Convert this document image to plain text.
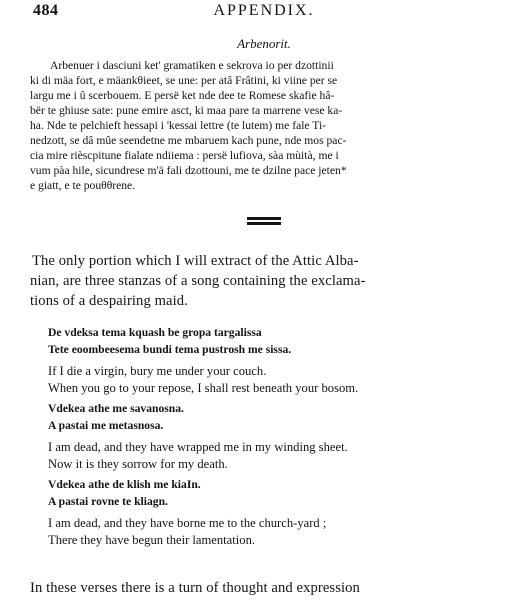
484	APPENDIX.
Arbenorit.
Arbenuer i dasciuni ket' gramatiken e sekrova io per dzottinii
ki di mäa fort, e mäankθieet, se une: per atâ Frâtini, ki viine per se
largu me i û scerbouem. E persë ket nde dee te Romese skafie hâ-
bër te ghiuse sate: pune emire asct, ki maa pare ta marrene vese ka-
ha. Nde te pelchieft hessapi i 'kessai lettre (te lutem) me fale Ti-
nedzott, se dâ mûe seendetne me mbaruem kach pune, nde mos pac-
cia mire rièscpitune fialate ndiiema : persë lufiova, sàa mùità, me i
vum pàa hile, sicundrese m'ä fali dzottouni, me te dzilne pace jeten*
e giatt, e te pouθθrene.
The only portion which I will extract of the Attic Alba-
nian, are three stanzas of a song containing the exclama-
tions of a despairing maid.
De vdeksa tema kquash be gropa targalissa
Tete eoombeesema bundi tema pustrosh me sissa.
If I die a virgin, bury me under your couch.
When you go to your repose, I shall rest beneath your bosom.
Vdekea athe me savanosna.
A pastai me metasnosa.
I am dead, and they have wrapped me in my winding sheet.
Now it is they sorrow for my death.
Vdekea athe de klish me kiaIn.
A pastai rovne te kliagn.
I am dead, and they have borne me to the church-yard ;
There they have begun their lamentation.
In these verses there is a turn of thought and expression
